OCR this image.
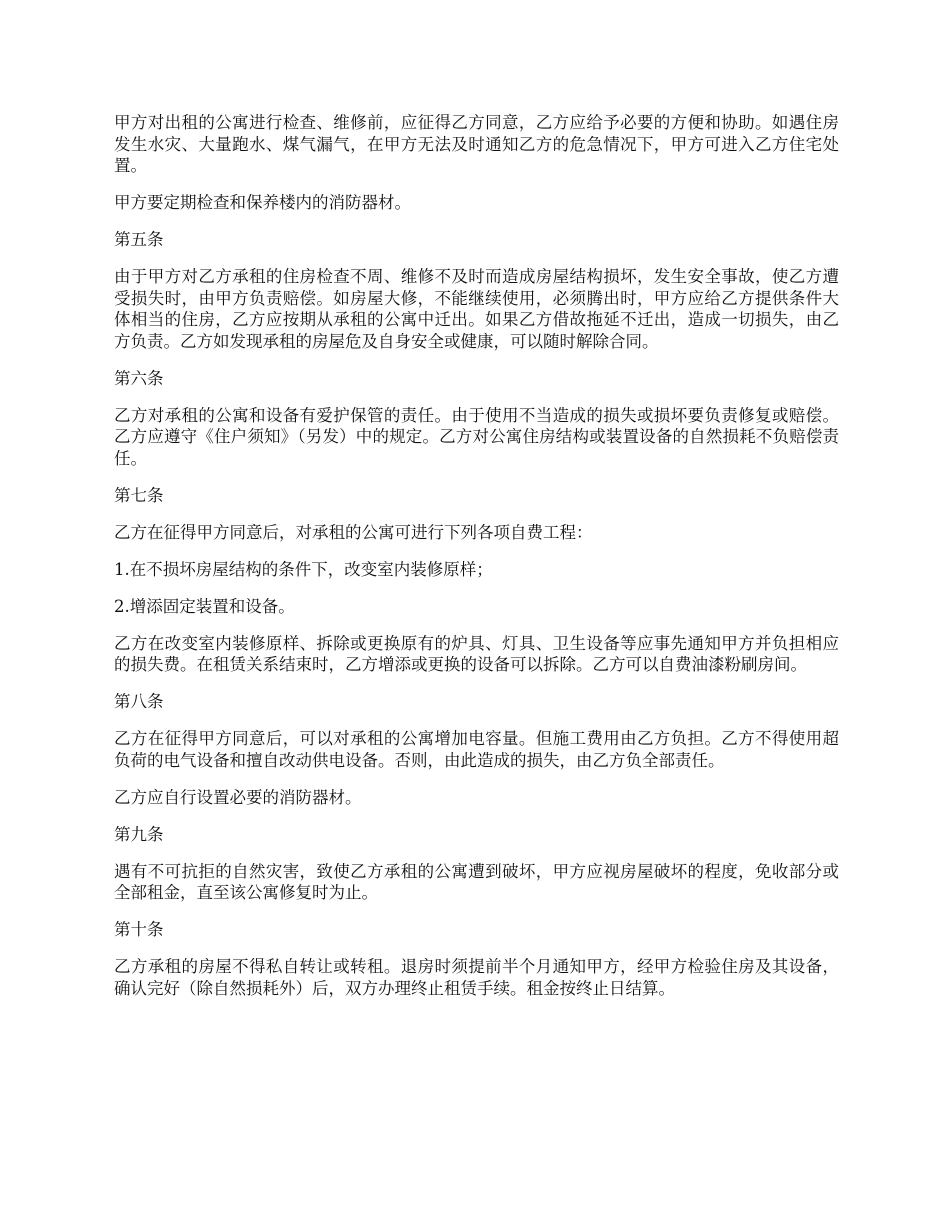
甲方对出租的公寓进行检查、维修前，应征得乙方同意，乙方应给予必要的方便和协助。如遇住房发生水灾、大量跑水、煤气漏气，在甲方无法及时通知乙方的危急情况下，甲方可进入乙方住宅处置。

甲方要定期检查和保养楼内的消防器材。

第五条

由于甲方对乙方承租的住房检查不周、维修不及时而造成房屋结构损坏，发生安全事故，使乙方遭受损失时，由甲方负责赔偿。如房屋大修，不能继续使用，必须腾出时，甲方应给乙方提供条件大体相当的住房，乙方应按期从承租的公寓中迁出。如果乙方借故拖延不迁出，造成一切损失，由乙方负责。乙方如发现承租的房屋危及自身安全或健康，可以随时解除合同。

第六条

乙方对承租的公寓和设备有爱护保管的责任。由于使用不当造成的损失或损坏要负责修复或赔偿。乙方应遵守《住户须知》（另发）中的规定。乙方对公寓住房结构或装置设备的自然损耗不负赔偿责任。

第七条

乙方在征得甲方同意后，对承租的公寓可进行下列各项自费工程：

1.在不损坏房屋结构的条件下，改变室内装修原样；

2.增添固定装置和设备。

乙方在改变室内装修原样、拆除或更换原有的炉具、灯具、卫生设备等应事先通知甲方并负担相应的损失费。在租赁关系结束时，乙方增添或更换的设备可以拆除。乙方可以自费油漆粉刷房间。

第八条

乙方在征得甲方同意后，可以对承租的公寓增加电容量。但施工费用由乙方负担。乙方不得使用超负荷的电气设备和擅自改动供电设备。否则，由此造成的损失，由乙方负全部责任。

乙方应自行设置必要的消防器材。

第九条

遇有不可抗拒的自然灾害，致使乙方承租的公寓遭到破坏，甲方应视房屋破坏的程度，免收部分或全部租金，直至该公寓修复时为止。

第十条

乙方承租的房屋不得私自转让或转租。退房时须提前半个月通知甲方，经甲方检验住房及其设备，确认完好（除自然损耗外）后，双方办理终止租赁手续。租金按终止日结算。
